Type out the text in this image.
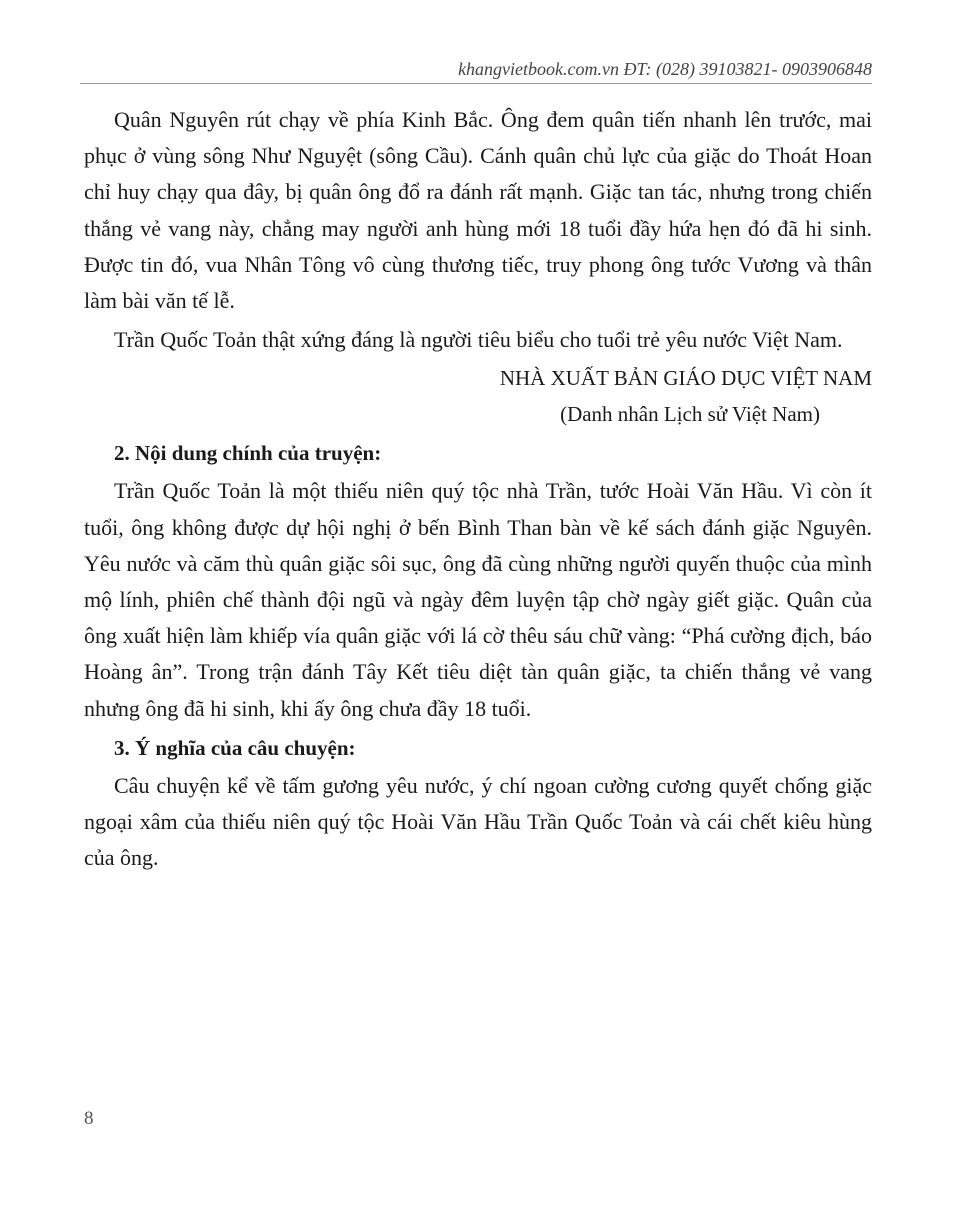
khangvietbook.com.vn ĐT: (028) 39103821- 0903906848

Quân Nguyên rút chạy về phía Kinh Bắc. Ông đem quân tiến nhanh lên trước, mai phục ở vùng sông Như Nguyệt (sông Cầu). Cánh quân chủ lực của giặc do Thoát Hoan chỉ huy chạy qua đây, bị quân ông đổ ra đánh rất mạnh. Giặc tan tác, nhưng trong chiến thắng vẻ vang này, chẳng may người anh hùng mới 18 tuổi đầy hứa hẹn đó đã hi sinh. Được tin đó, vua Nhân Tông vô cùng thương tiếc, truy phong ông tước Vương và thân làm bài văn tế lễ.

Trần Quốc Toản thật xứng đáng là người tiêu biểu cho tuổi trẻ yêu nước Việt Nam.

NHÀ XUẤT BẢN GIÁO DỤC VIỆT NAM
(Danh nhân Lịch sử Việt Nam)
2. Nội dung chính của truyện:

Trần Quốc Toản là một thiếu niên quý tộc nhà Trần, tước Hoài Văn Hầu. Vì còn ít tuổi, ông không được dự hội nghị ở bến Bình Than bàn về kế sách đánh giặc Nguyên. Yêu nước và căm thù quân giặc sôi sục, ông đã cùng những người quyến thuộc của mình mộ lính, phiên chế thành đội ngũ và ngày đêm luyện tập chờ ngày giết giặc. Quân của ông xuất hiện làm khiếp vía quân giặc với lá cờ thêu sáu chữ vàng: “Phá cường địch, báo Hoàng ân”. Trong trận đánh Tây Kết tiêu diệt tàn quân giặc, ta chiến thắng vẻ vang nhưng ông đã hi sinh, khi ấy ông chưa đầy 18 tuổi.

3. Ý nghĩa của câu chuyện:

Câu chuyện kể về tấm gương yêu nước, ý chí ngoan cường cương quyết chống giặc ngoại xâm của thiếu niên quý tộc Hoài Văn Hầu Trần Quốc Toản và cái chết kiêu hùng của ông.

8
